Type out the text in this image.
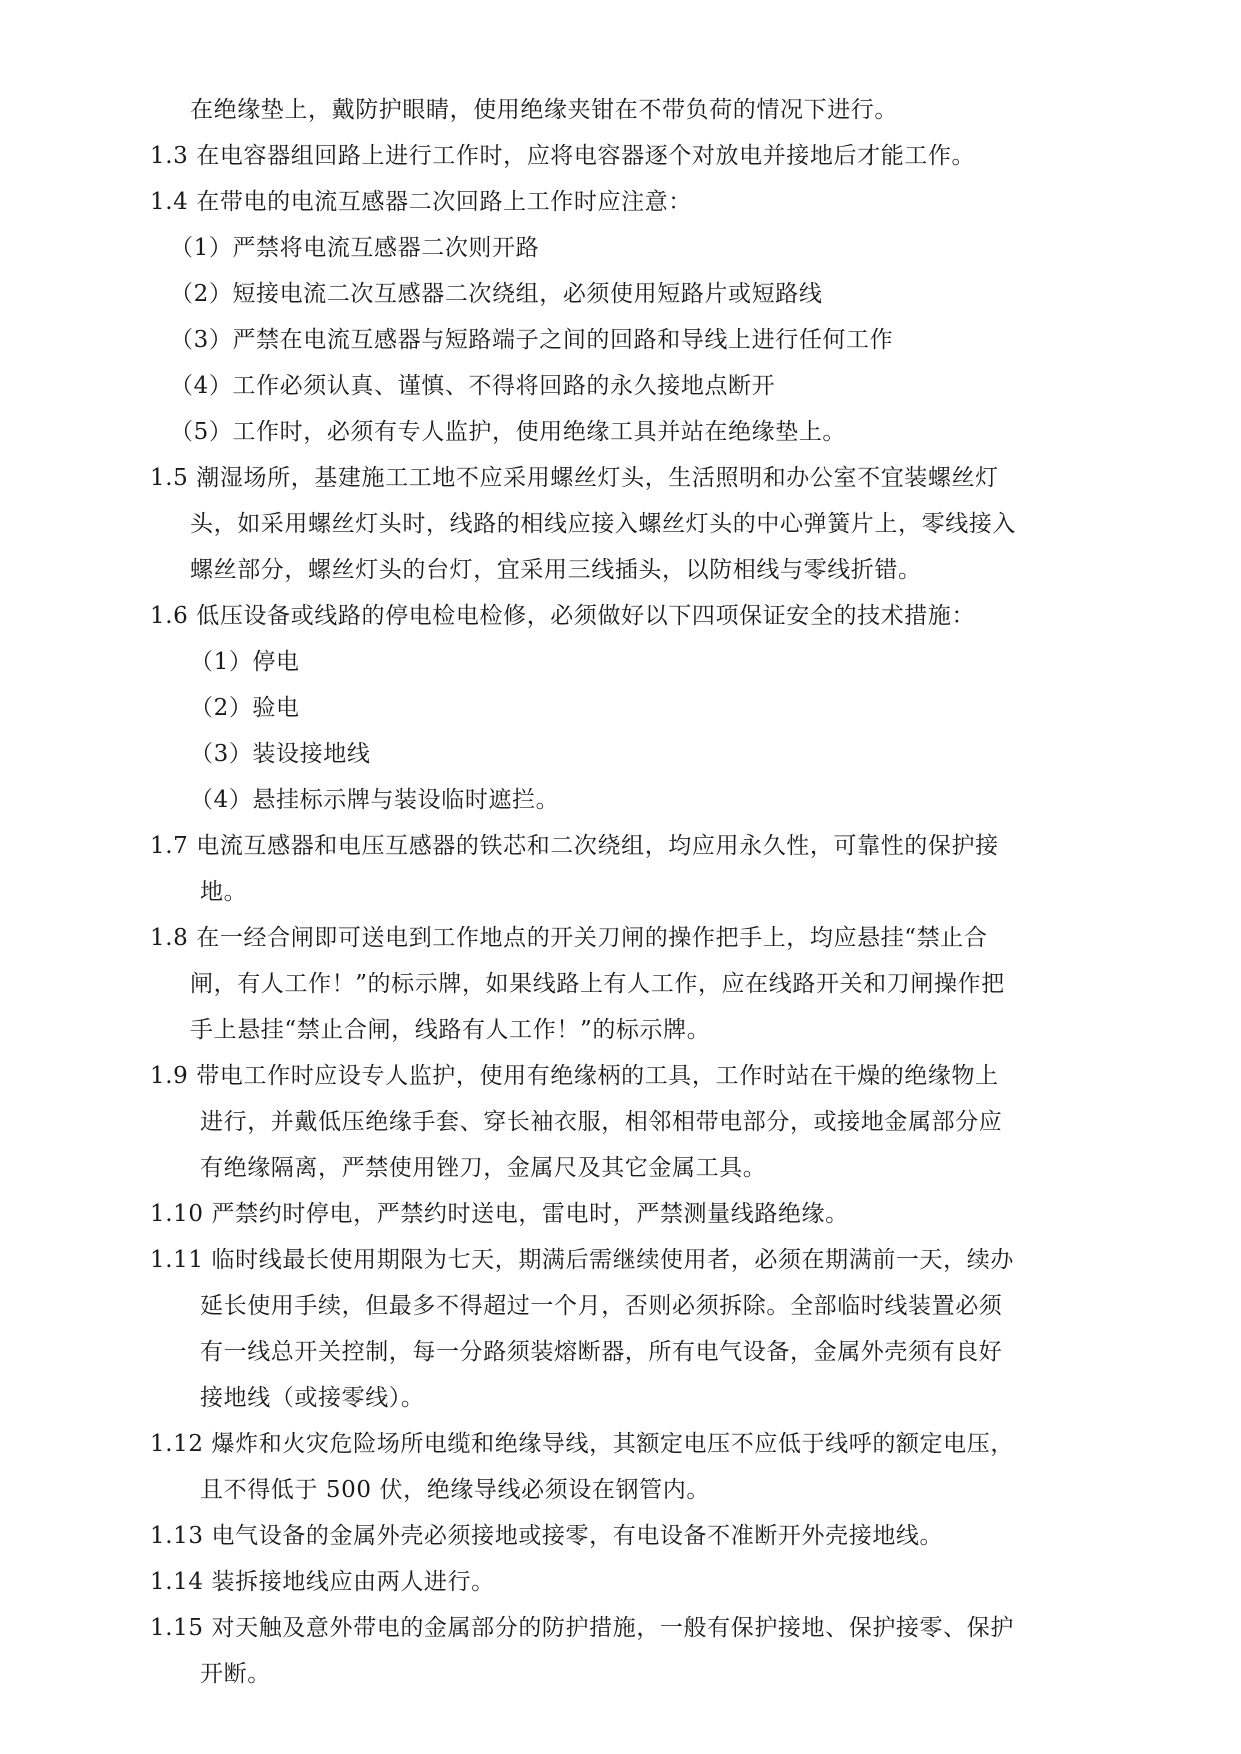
在绝缘垫上，戴防护眼睛，使用绝缘夹钳在不带负荷的情况下进行。
1.3 在电容器组回路上进行工作时，应将电容器逐个对放电并接地后才能工作。
1.4 在带电的电流互感器二次回路上工作时应注意：
（1）严禁将电流互感器二次则开路
（2）短接电流二次互感器二次绕组，必须使用短路片或短路线
（3）严禁在电流互感器与短路端子之间的回路和导线上进行任何工作
（4）工作必须认真、谨慎、不得将回路的永久接地点断开
（5）工作时，必须有专人监护，使用绝缘工具并站在绝缘垫上。
1.5 潮湿场所，基建施工工地不应采用螺丝灯头，生活照明和办公室不宜装螺丝灯
头，如采用螺丝灯头时，线路的相线应接入螺丝灯头的中心弹簧片上，零线接入
螺丝部分，螺丝灯头的台灯，宜采用三线插头，以防相线与零线折错。
1.6 低压设备或线路的停电检电检修，必须做好以下四项保证安全的技术措施：
（1）停电
（2）验电
（3）装设接地线
（4）悬挂标示牌与装设临时遮拦。
1.7 电流互感器和电压互感器的铁芯和二次绕组，均应用永久性，可靠性的保护接
地。
1.8 在一经合闸即可送电到工作地点的开关刀闸的操作把手上，均应悬挂“禁止合
闸，有人工作！”的标示牌，如果线路上有人工作，应在线路开关和刀闸操作把
手上悬挂“禁止合闸，线路有人工作！”的标示牌。
1.9 带电工作时应设专人监护，使用有绝缘柄的工具，工作时站在干燥的绝缘物上
进行，并戴低压绝缘手套、穿长袖衣服，相邻相带电部分，或接地金属部分应
有绝缘隔离，严禁使用锉刀，金属尺及其它金属工具。
1.10 严禁约时停电，严禁约时送电，雷电时，严禁测量线路绝缘。
1.11 临时线最长使用期限为七天，期满后需继续使用者，必须在期满前一天，续办
延长使用手续，但最多不得超过一个月，否则必须拆除。全部临时线装置必须
有一线总开关控制，每一分路须装熔断器，所有电气设备，金属外壳须有良好
接地线（或接零线）。
1.12 爆炸和火灾危险场所电缆和绝缘导线，其额定电压不应低于线呼的额定电压，
且不得低于 500 伏，绝缘导线必须设在钢管内。
1.13 电气设备的金属外壳必须接地或接零，有电设备不准断开外壳接地线。
1.14 装拆接地线应由两人进行。
1.15 对天触及意外带电的金属部分的防护措施，一般有保护接地、保护接零、保护
开断。
